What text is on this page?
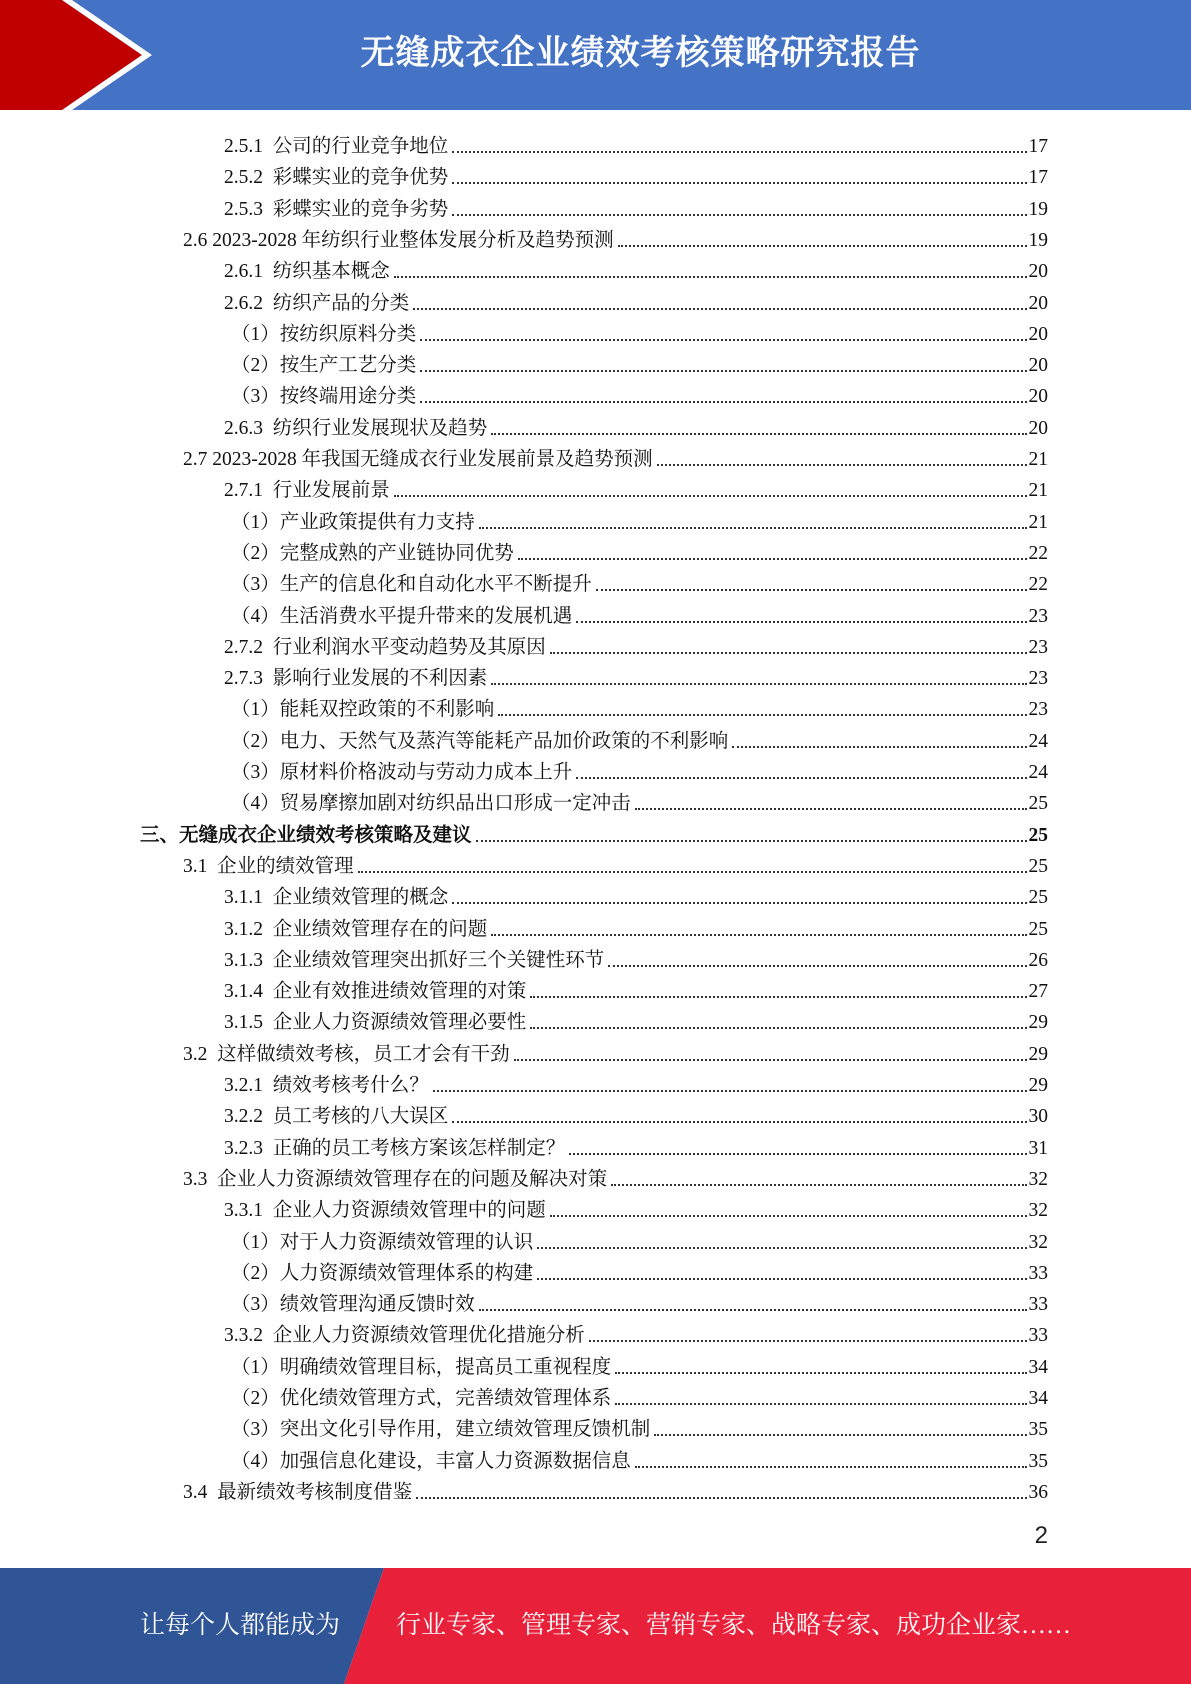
无缝成衣企业绩效考核策略研究报告
2.5.1  公司的行业竞争地位	17
2.5.2  彩蝶实业的竞争优势	17
2.5.3  彩蝶实业的竞争劣势	19
2.6 2023-2028 年纺织行业整体发展分析及趋势预测	19
2.6.1  纺织基本概念	20
2.6.2  纺织产品的分类	20
（1）按纺织原料分类	20
（2）按生产工艺分类	20
（3）按终端用途分类	20
2.6.3  纺织行业发展现状及趋势	20
2.7 2023-2028 年我国无缝成衣行业发展前景及趋势预测	21
2.7.1  行业发展前景	21
（1）产业政策提供有力支持	21
（2）完整成熟的产业链协同优势	22
（3）生产的信息化和自动化水平不断提升	22
（4）生活消费水平提升带来的发展机遇	23
2.7.2  行业利润水平变动趋势及其原因	23
2.7.3  影响行业发展的不利因素	23
（1）能耗双控政策的不利影响	23
（2）电力、天然气及蒸汽等能耗产品加价政策的不利影响	24
（3）原材料价格波动与劳动力成本上升	24
（4）贸易摩擦加剧对纺织品出口形成一定冲击	25
三、无缝成衣企业绩效考核策略及建议	25
3.1  企业的绩效管理	25
3.1.1  企业绩效管理的概念	25
3.1.2  企业绩效管理存在的问题	25
3.1.3  企业绩效管理突出抓好三个关键性环节	26
3.1.4  企业有效推进绩效管理的对策	27
3.1.5  企业人力资源绩效管理必要性	29
3.2  这样做绩效考核，员工才会有干劲	29
3.2.1  绩效考核考什么？	29
3.2.2  员工考核的八大误区	30
3.2.3  正确的员工考核方案该怎样制定？	31
3.3  企业人力资源绩效管理存在的问题及解决对策	32
3.3.1  企业人力资源绩效管理中的问题	32
（1）对于人力资源绩效管理的认识	32
（2）人力资源绩效管理体系的构建	33
（3）绩效管理沟通反馈时效	33
3.3.2  企业人力资源绩效管理优化措施分析	33
（1）明确绩效管理目标，提高员工重视程度	34
（2）优化绩效管理方式，完善绩效管理体系	34
（3）突出文化引导作用，建立绩效管理反馈机制	35
（4）加强信息化建设，丰富人力资源数据信息	35
3.4  最新绩效考核制度借鉴	36
2
让每个人都能成为 行业专家、管理专家、营销专家、战略专家、成功企业家……
